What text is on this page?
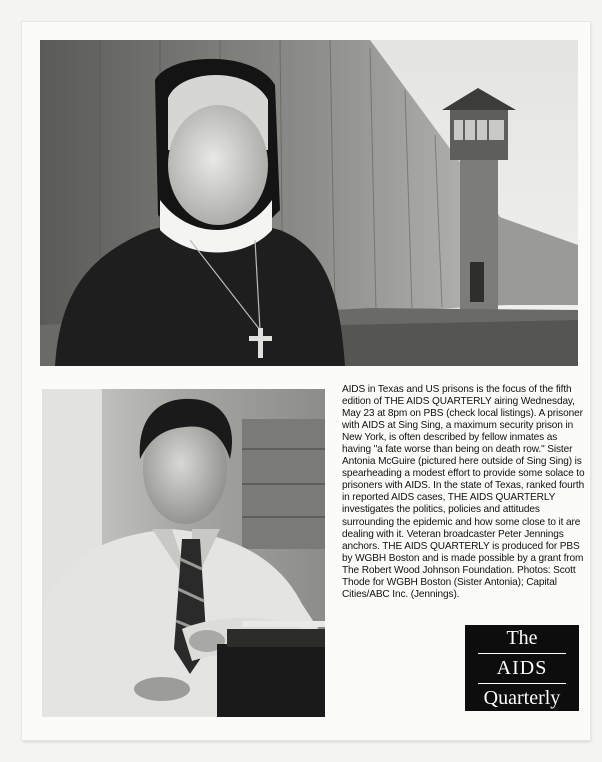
AIDS in Texas and US prisons is the focus of the fifth edition of THE AIDS QUARTERLY airing Wednesday, May 23 at 8pm on PBS (check local listings). A prisoner with AIDS at Sing Sing, a maximum security prison in New York, is often described by fellow inmates as having "a fate worse than being on death row." Sister Antonia McGuire (pictured here outside of Sing Sing) is spearheading a modest effort to provide some solace to prisoners with AIDS. In the state of Texas, ranked fourth in reported AIDS cases, THE AIDS QUARTERLY investigates the politics, policies and attitudes surrounding the epidemic and how some close to it are dealing with it. Veteran broadcaster Peter Jennings anchors. THE AIDS QUARTERLY is produced for PBS by WGBH Boston and is made possible by a grant from The Robert Wood Johnson Foundation. Photos: Scott Thode for WGBH Boston (Sister Antonia); Capital Cities/ABC Inc. (Jennings).

The
AIDS
Quarterly
